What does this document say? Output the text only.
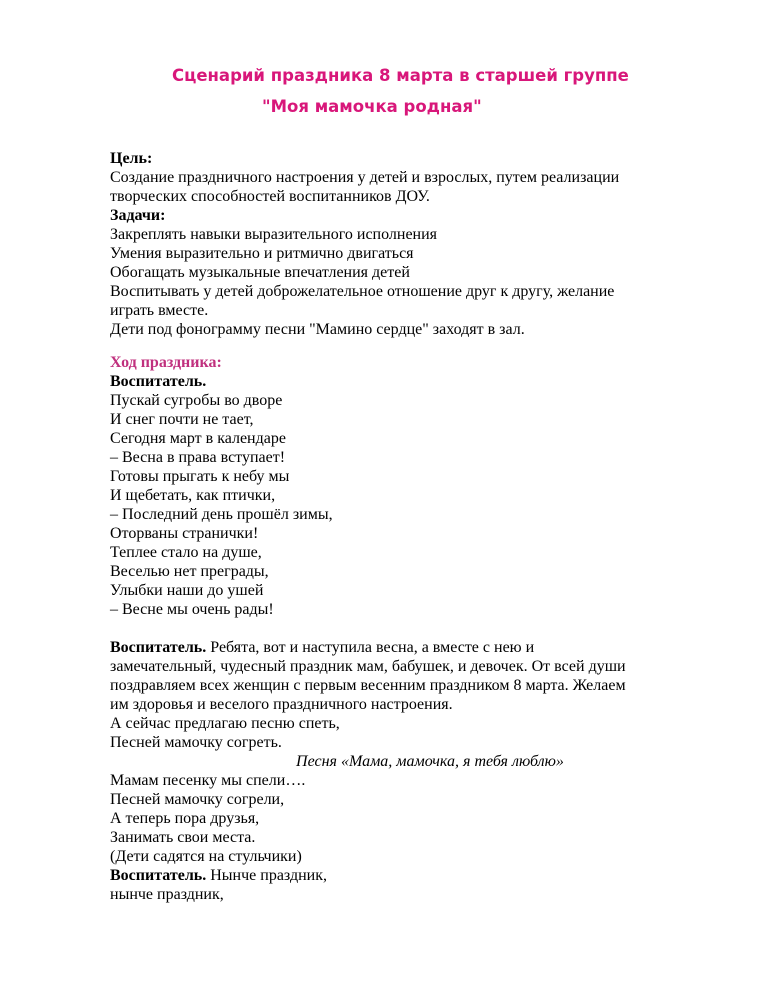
Сценарий праздника 8 марта в старшей группе
"Моя мамочка родная"
Цель:
Создание праздничного настроения у детей и взрослых, путем реализации
творческих способностей воспитанников ДОУ.
Задачи:
Закреплять навыки выразительного исполнения
Умения выразительно и ритмично двигаться
Обогащать музыкальные впечатления детей
Воспитывать у детей доброжелательное отношение друг к другу, желание
играть вместе.
Дети под фонограмму песни "Мамино сердце" заходят в зал.
Ход праздника:
Воспитатель.
Пускай сугробы во дворе
И снег почти не тает,
Сегодня март в календаре
– Весна в права вступает!
Готовы прыгать к небу мы
И щебетать, как птички,
– Последний день прошёл зимы,
Оторваны странички!
Теплее стало на душе,
Веселью нет преграды,
Улыбки наши до ушей
– Весне мы очень рады!
Воспитатель. Ребята, вот и наступила весна, а вместе с нею и
замечательный, чудесный праздник мам, бабушек, и девочек. От всей души
поздравляем всех женщин с первым весенним праздником 8 марта. Желаем
им здоровья и веселого праздничного настроения.
А сейчас предлагаю песню спеть,
Песней мамочку согреть.
Песня «Мама, мамочка, я тебя люблю»
Мамам песенку мы спели….
Песней мамочку согрели,
А теперь пора друзья,
Занимать свои места.
(Дети садятся на стульчики)
Воспитатель. Нынче праздник,
нынче праздник,
